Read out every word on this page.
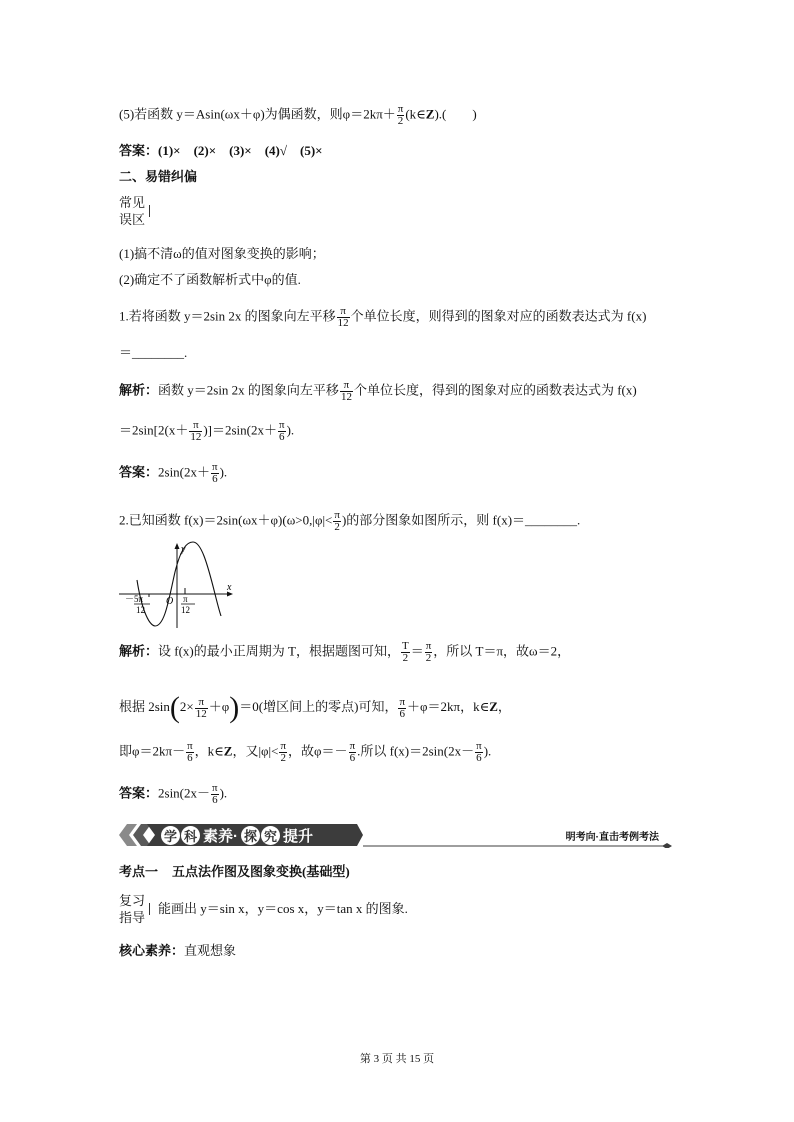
(5)若函数 y＝Asin(ωx＋φ)为偶函数，则$\varphi=2k\pi+ \frac{\pi}{2}$ (k∈Z).(　　)
答案：(1)×　(2)×　(3)×　(4)√　(5)×
二、易错纠偏
常见
误区
(1)搞不清ω的值对图象变换的影响；
(2)确定不了函数解析式中φ的值.
1.若将函数 y＝2sin 2x 的图象向左平移 $\frac{\pi}{12}$ 个单位长度，则得到的图象对应的函数表达式为 f(x)
＝________.
解析：函数 y＝2sin 2x 的图象向左平移 $\frac{\pi}{12}$ 个单位长度，得到的图象对应的函数表达式为 f(x)
$=2\sin[2(x+ \frac{\pi}{12} )]=2\sin(2x+ \frac{\pi}{6}$ ).
答案：$2\sin(2x+ \frac{\pi}{6}$ ).
2.已知函数 $f(x)=2\sin(\omega x+\varphi)(\omega>0,|\varphi|< \frac{\pi}{2}$ )的部分图象如图所示，则 f(x)＝________.
y
x
O
－5π
12
π
12
解析：设 f(x)的最小正周期为 T，根据题图可知， $\frac{T}{2} = \frac{\pi}{2}$ ，所以 T＝π，故ω＝2，
根据 $2\sin(2\times \frac{\pi}{12} +\varphi)=0$(增区间上的零点)可知， $\frac{\pi}{6} +\varphi=2k\pi$，k∈Z，
即$\varphi=2k\pi- \frac{\pi}{6}$ ，k∈Z，又$|\varphi|< \frac{\pi}{2}$ ，故$\varphi=- \frac{\pi}{6}$ .所以 $f(x)=2\sin(2x- \frac{\pi}{6}$ ).
答案：$2\sin(2x- \frac{\pi}{6}$ ).
学 科 素养· 探 究 提升	明考向·直击考例考法
考点一 五点法作图及图象变换(基础型)
复习
指导能画出 y＝sin x，y＝cos x，y＝tan x 的图象.
核心素养：直观想象
第 3 页 共 15 页
